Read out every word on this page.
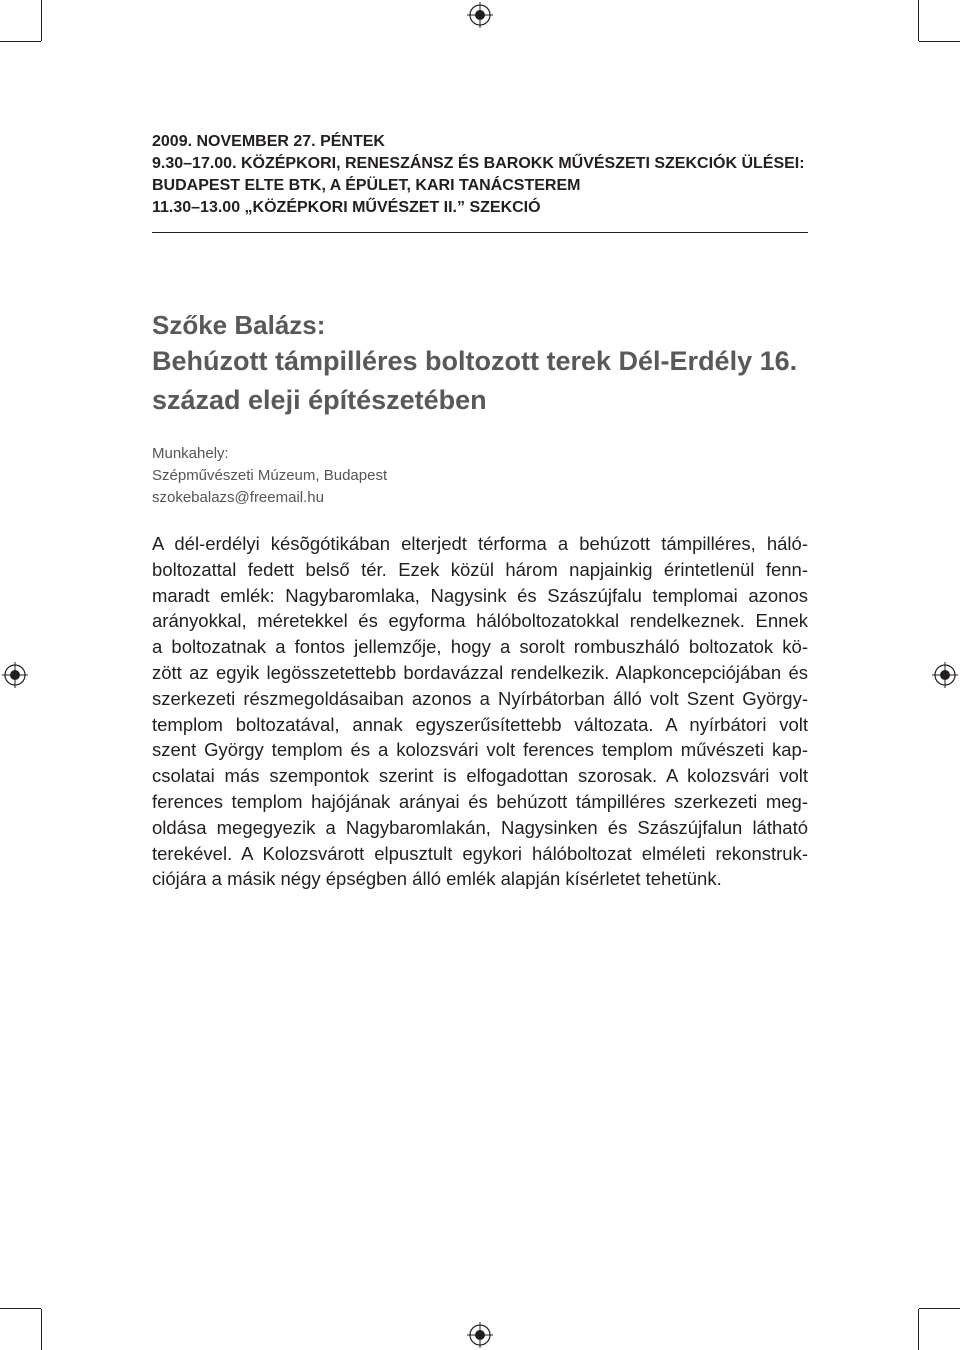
2009. NOVEMBER 27. PÉNTEK
9.30–17.00. KÖZÉPKORI, RENESZÁNSZ ÉS BAROKK MŰVÉSZETI SZEKCIÓK ÜLÉSEI:
BUDAPEST ELTE BTK, A ÉPÜLET, KARI TANÁCSTEREM
11.30–13.00 „KÖZÉPKORI MŰVÉSZET II.” SZEKCIÓ
Szőke Balázs:
Behúzott támpilléres boltozott terek Dél-Erdély 16.
század eleji építészetében
Munkahely:
Szépművészeti Múzeum, Budapest
szokebalazs@freemail.hu
A dél-erdélyi késõgótikában elterjedt térforma a behúzott támpilléres, háló-
boltozattal fedett belső tér. Ezek közül három napjainkig érintetlenül fenn-
maradt emlék: Nagybaromlaka, Nagysink és Szászújfalu templomai azonos
arányokkal, méretekkel és egyforma hálóboltozatokkal rendelkeznek. Ennek
a boltozatnak a fontos jellemzője, hogy a sorolt rombuszháló boltozatok kö-
zött az egyik legösszetettebb bordavázzal rendelkezik. Alapkoncepciójában és
szerkezeti részmegoldásaiban azonos a Nyírbátorban álló volt Szent György-
templom boltozatával, annak egyszerűsítettebb változata. A nyírbátori volt
szent György templom és a kolozsvári volt ferences templom művészeti kap-
csolatai más szempontok szerint is elfogadottan szorosak. A kolozsvári volt
ferences templom hajójának arányai és behúzott támpilléres szerkezeti meg-
oldása megegyezik a Nagybaromlakán, Nagysinken és Szászújfalun látható
terekével. A Kolozsvárott elpusztult egykori hálóboltozat elméleti rekonstruk-
ciójára a másik négy épségben álló emlék alapján kísérletet tehetünk.
